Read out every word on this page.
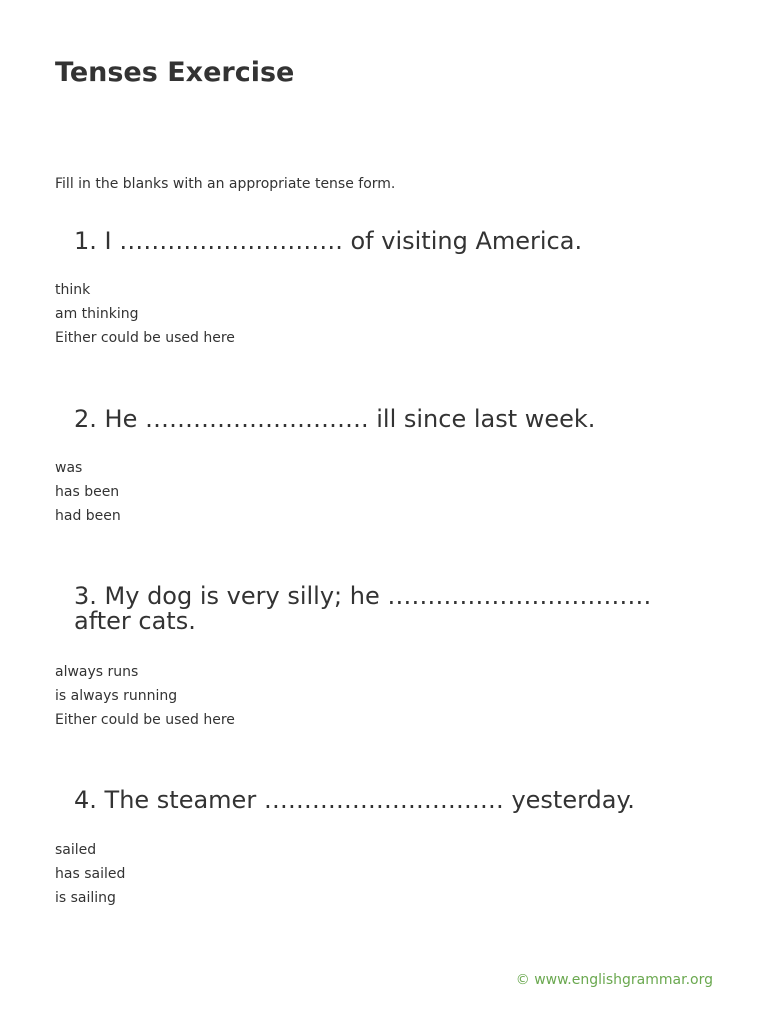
Tenses Exercise

Fill in the blanks with an appropriate tense form.

1. I ………………………. of visiting America.
think
am thinking
Either could be used here
2. He ………………………. ill since last week.
was
has been
had been
3. My dog is very silly; he …………………………… after cats.
always runs
is always running
Either could be used here
4. The steamer ………………………… yesterday.
sailed
has sailed
is sailing
© www.englishgrammar.org
